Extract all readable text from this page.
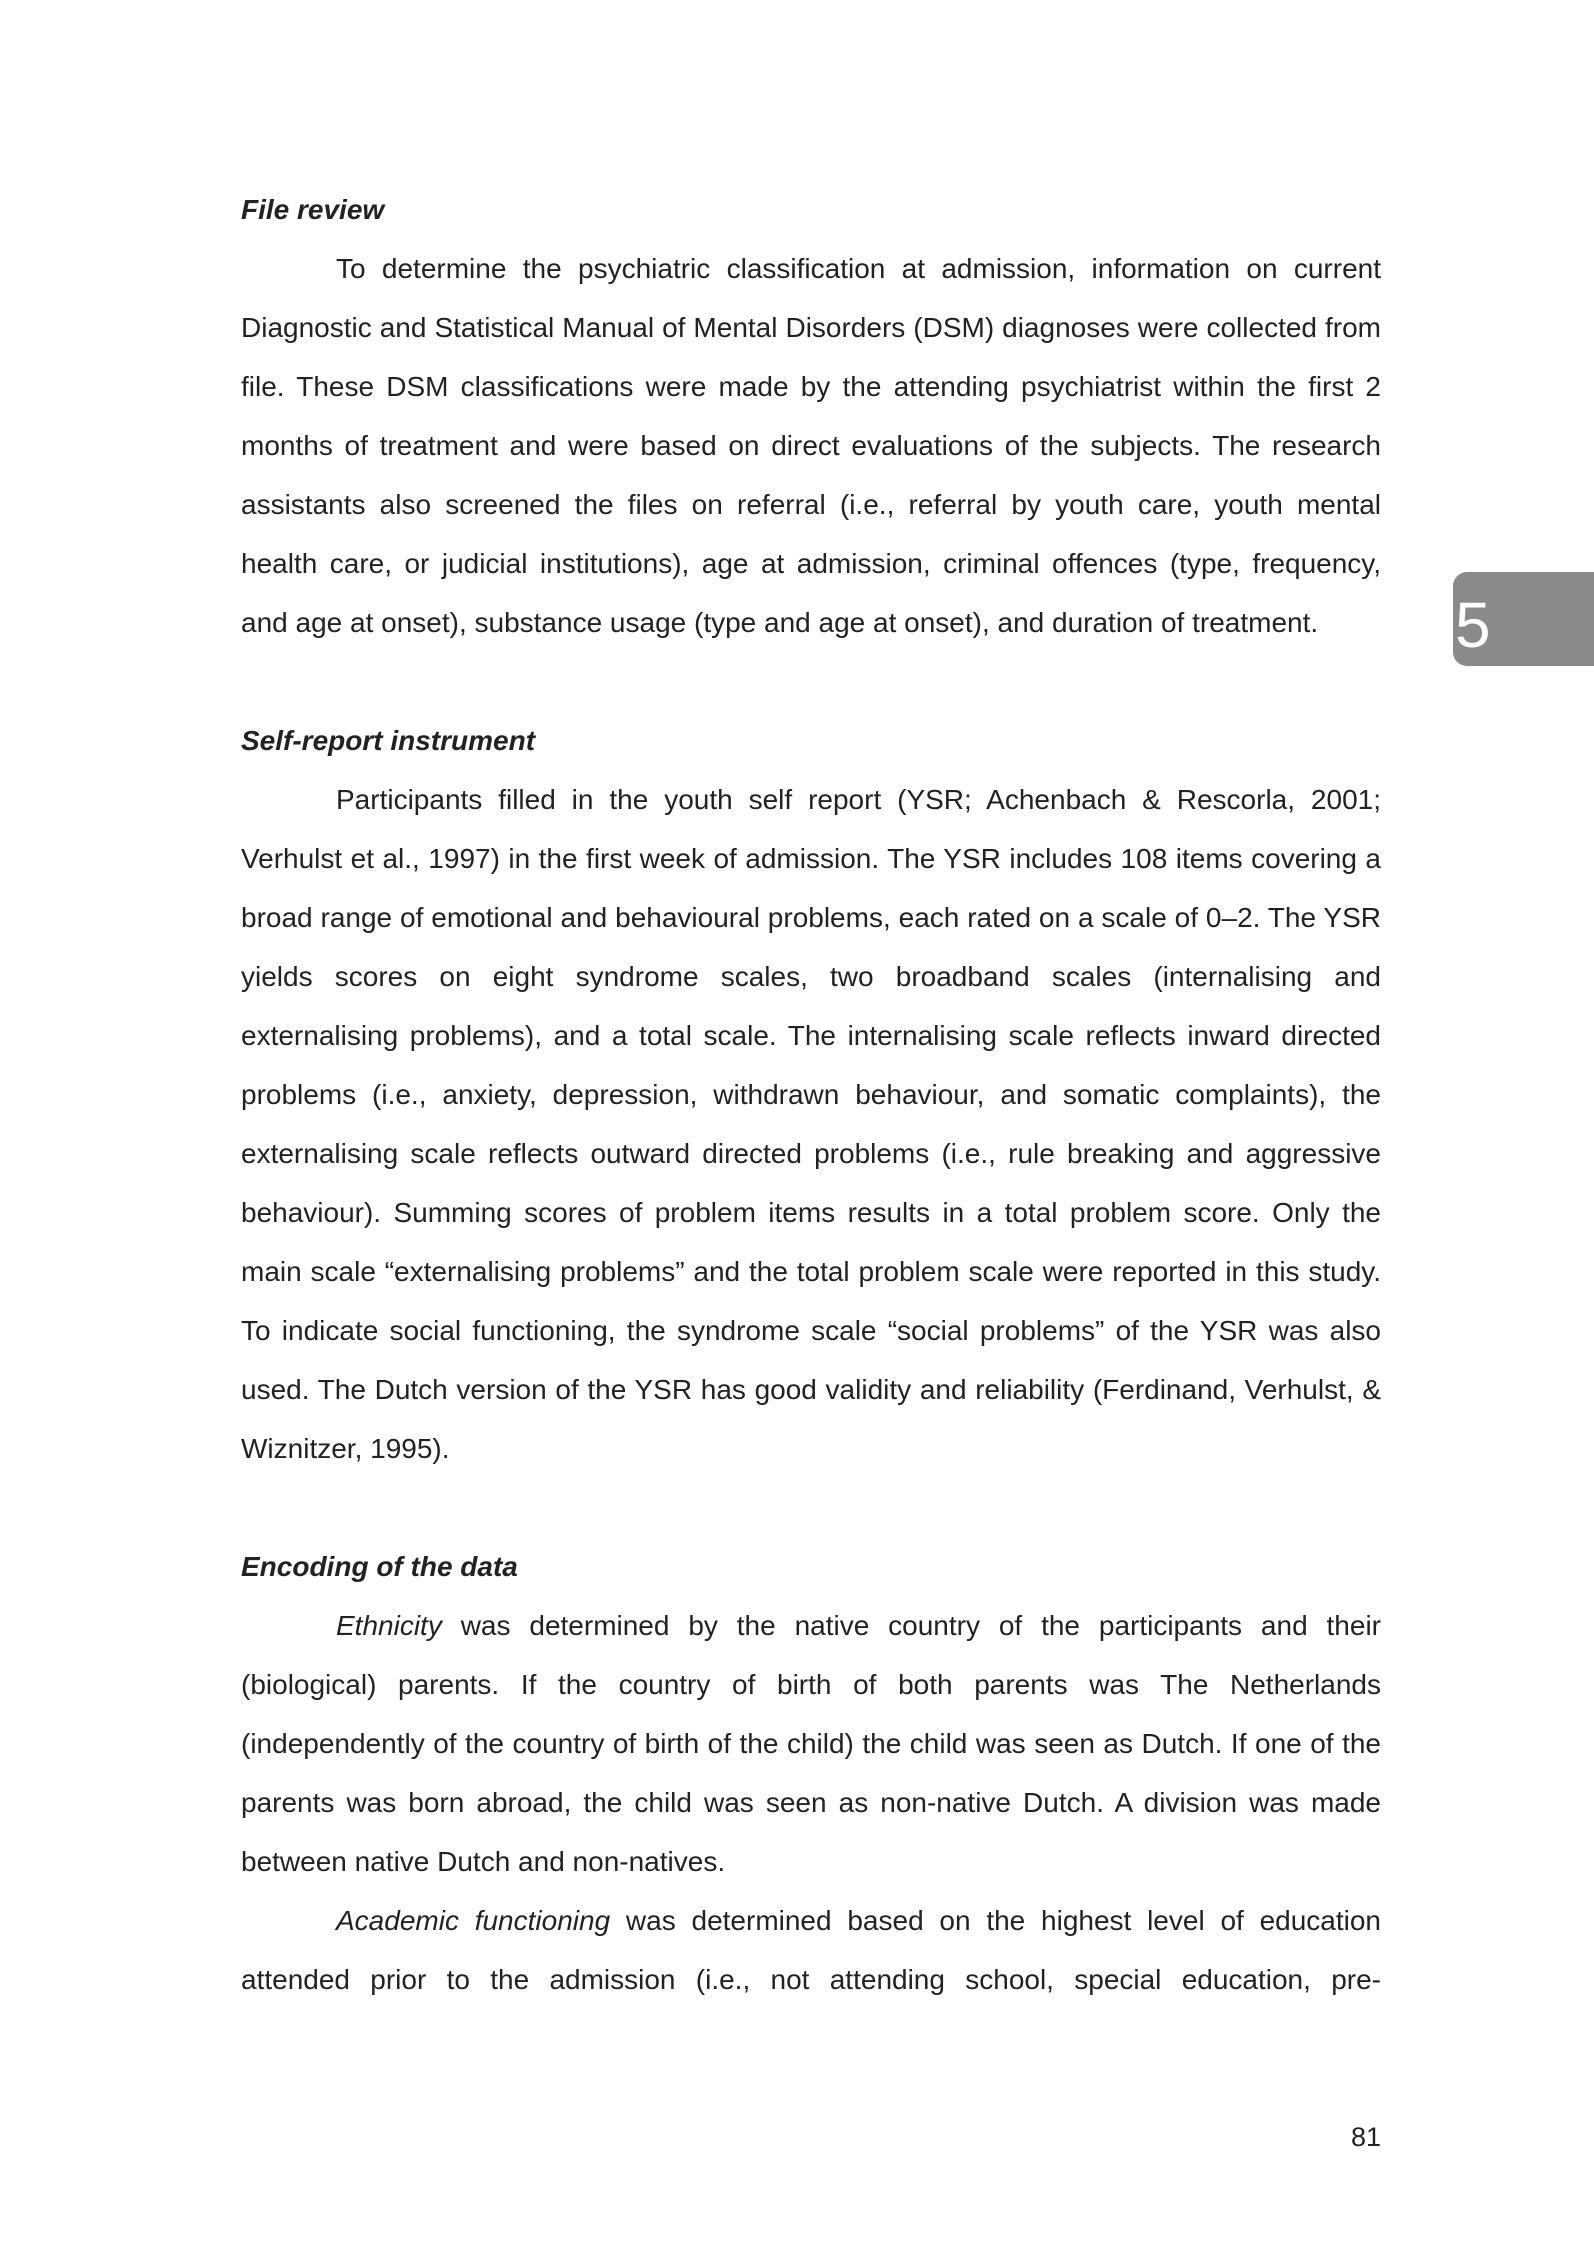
File review

To determine the psychiatric classification at admission, information on current Diagnostic and Statistical Manual of Mental Disorders (DSM) diagnoses were collected from file. These DSM classifications were made by the attending psychiatrist within the first 2 months of treatment and were based on direct evaluations of the subjects. The research assistants also screened the files on referral (i.e., referral by youth care, youth mental health care, or judicial institutions), age at admission, criminal offences (type, frequency, and age at onset), substance usage (type and age at onset), and duration of treatment.

Self-report instrument

Participants filled in the youth self report (YSR; Achenbach & Rescorla, 2001; Verhulst et al., 1997) in the first week of admission. The YSR includes 108 items covering a broad range of emotional and behavioural problems, each rated on a scale of 0–2. The YSR yields scores on eight syndrome scales, two broadband scales (internalising and externalising problems), and a total scale. The internalising scale reflects inward directed problems (i.e., anxiety, depression, withdrawn behaviour, and somatic complaints), the externalising scale reflects outward directed problems (i.e., rule breaking and aggressive behaviour). Summing scores of problem items results in a total problem score. Only the main scale “externalising problems” and the total problem scale were reported in this study. To indicate social functioning, the syndrome scale “social problems” of the YSR was also used. The Dutch version of the YSR has good validity and reliability (Ferdinand, Verhulst, & Wiznitzer, 1995).

Encoding of the data

Ethnicity was determined by the native country of the participants and their (biological) parents. If the country of birth of both parents was The Netherlands (independently of the country of birth of the child) the child was seen as Dutch. If one of the parents was born abroad, the child was seen as non-native Dutch. A division was made between native Dutch and non-natives.

Academic functioning was determined based on the highest level of education attended prior to the admission (i.e., not attending school, special education, pre-

5
81
